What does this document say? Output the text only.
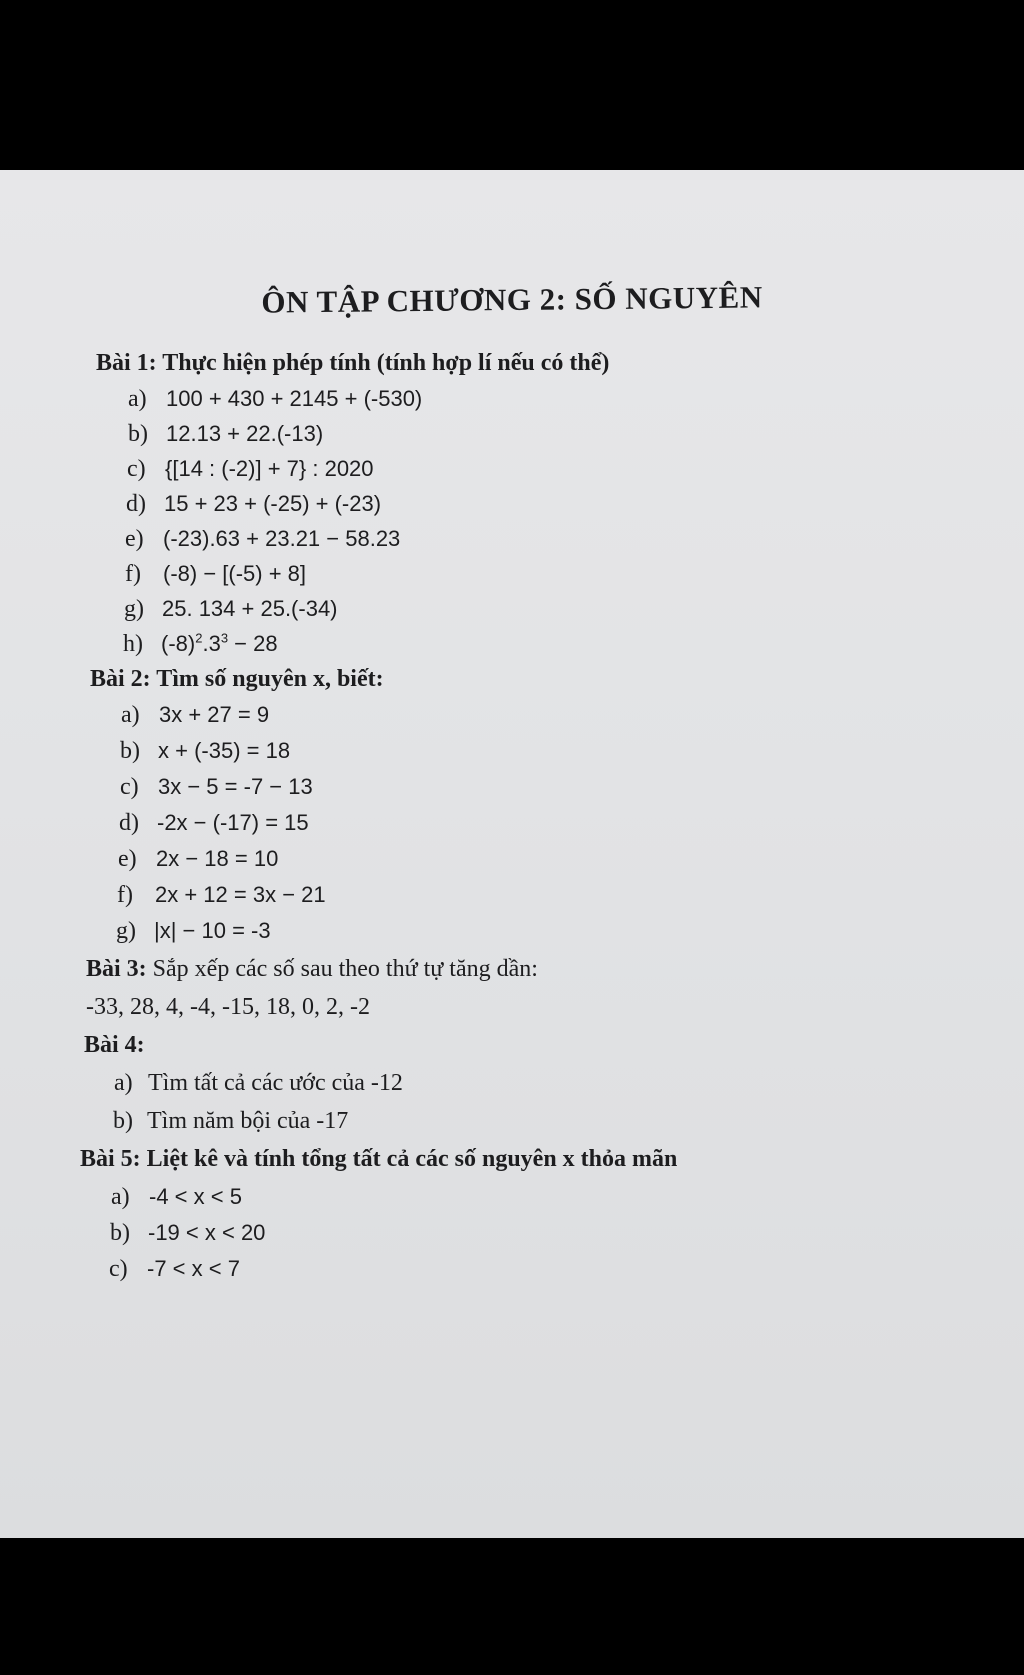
ÔN TẬP CHƯƠNG 2: SỐ NGUYÊN
Bài 1: Thực hiện phép tính (tính hợp lí nếu có thể)
a) 100 + 430 + 2145 + (-530)
b) 12.13 + 22.(-13)
c) {[14 : (-2)] + 7} : 2020
d) 15 + 23 + (-25) + (-23)
e) (-23).63 + 23.21 − 58.23
f) (-8) − [(-5) + 8]
g) 25. 134 + 25.(-34)
h) $(-8)^2.3^3 - 28$
Bài 2: Tìm số nguyên x, biết:
a) 3x + 27 = 9
b) x + (-35) = 18
c) 3x − 5 = -7 − 13
d) -2x − (-17) = 15
e) 2x − 18 = 10
f) 2x + 12 = 3x − 21
g) |x| − 10 = -3
Bài 3: Sắp xếp các số sau theo thứ tự tăng dần:
-33, 28, 4, -4, -15, 18, 0, 2, -2
Bài 4:
a) Tìm tất cả các ước của -12
b) Tìm năm bội của -17
Bài 5: Liệt kê và tính tổng tất cả các số nguyên x thỏa mãn
a) -4 < x < 5
b) -19 < x < 20
c) -7 < x < 7
